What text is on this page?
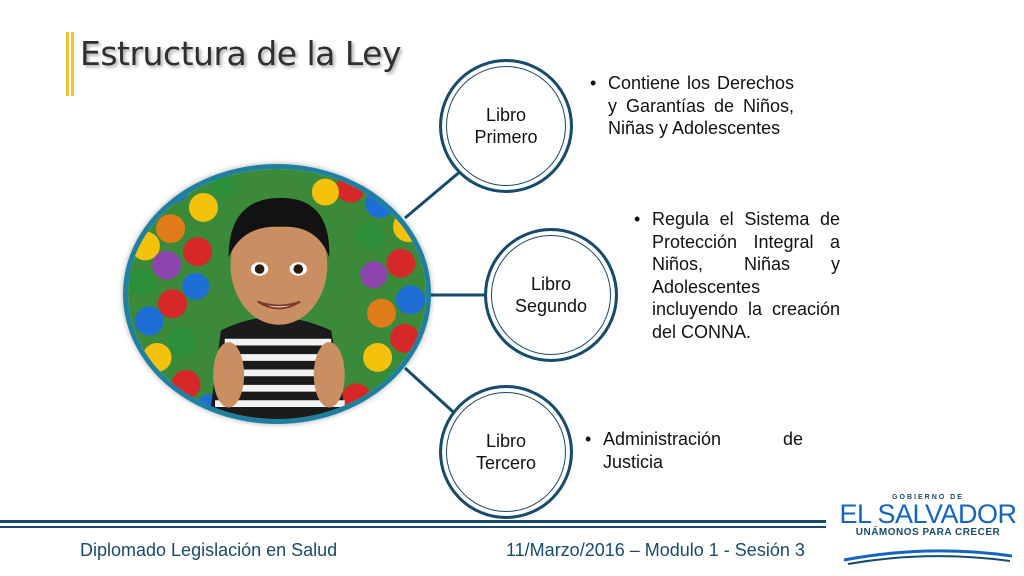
Estructura de la Ley
Libro Primero
Libro Segundo
Libro Tercero
• Contiene los Derechos y Garantías de Niños, Niñas y Adolescentes
• Regula el Sistema de Protección Integral a Niños, Niñas y Adolescentes incluyendo la creación del CONNA.
• Administración de Justicia
Diplomado Legislación en Salud	11/Marzo/2016 – Modulo 1 - Sesión 3
GOBIERNO DE
EL SALVADOR
UNÁMONOS PARA CRECER
